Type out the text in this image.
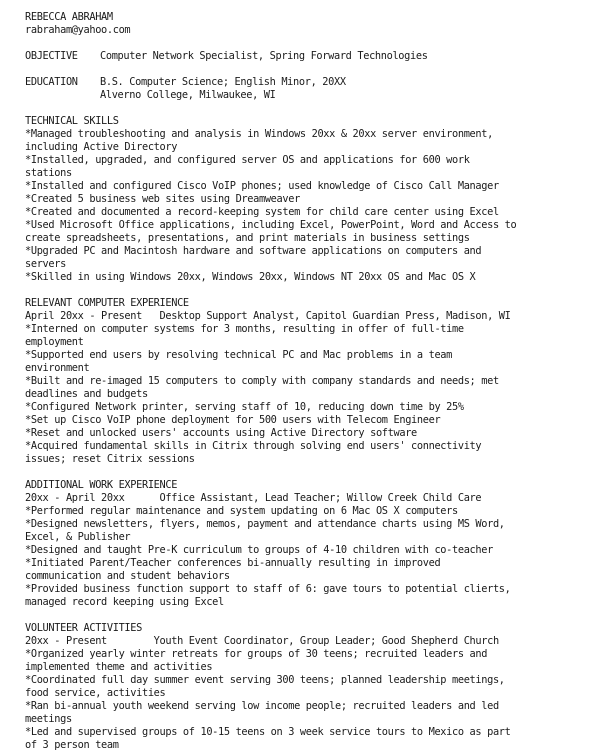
REBECCA ABRAHAM
rabraham@yahoo.com
OBJECTIVE	Computer Network Specialist, Spring Forward Technologies
EDUCATION	B.S. Computer Science; English Minor, 20XX
Alverno College, Milwaukee, WI
TECHNICAL SKILLS
*Managed troubleshooting and analysis in Windows 20xx & 20xx server environment,
including Active Directory
*Installed, upgraded, and configured server OS and applications for 600 work
stations
*Installed and configured Cisco VoIP phones; used knowledge of Cisco Call Manager
*Created 5 business web sites using Dreamweaver
*Created and documented a record-keeping system for child care center using Excel
*Used Microsoft Office applications, including Excel, PowerPoint, Word and Access to
create spreadsheets, presentations, and print materials in business settings
*Upgraded PC and Macintosh hardware and software applications on computers and
servers
*Skilled in using Windows 20xx, Windows 20xx, Windows NT 20xx OS and Mac OS X
RELEVANT COMPUTER EXPERIENCE
April 20xx - Present   Desktop Support Analyst, Capitol Guardian Press, Madison, WI
*Interned on computer systems for 3 months, resulting in offer of full-time
employment
*Supported end users by resolving technical PC and Mac problems in a team
environment
*Built and re-imaged 15 computers to comply with company standards and needs; met
deadlines and budgets
*Configured Network printer, serving staff of 10, reducing down time by 25%
*Set up Cisco VoIP phone deployment for 500 users with Telecom Engineer
*Reset and unlocked users' accounts using Active Directory software
*Acquired fundamental skills in Citrix through solving end users' connectivity
issues; reset Citrix sessions
ADDITIONAL WORK EXPERIENCE
20xx - April 20xx      Office Assistant, Lead Teacher; Willow Creek Child Care
*Performed regular maintenance and system updating on 6 Mac OS X computers
*Designed newsletters, flyers, memos, payment and attendance charts using MS Word,
Excel, & Publisher
*Designed and taught Pre-K curriculum to groups of 4-10 children with co-teacher
*Initiated Parent/Teacher conferences bi-annually resulting in improved
communication and student behaviors
*Provided business function support to staff of 6: gave tours to potential clierts,
managed record keeping using Excel
VOLUNTEER ACTIVITIES
20xx - Present        Youth Event Coordinator, Group Leader; Good Shepherd Church
*Organized yearly winter retreats for groups of 30 teens; recruited leaders and
implemented theme and activities
*Coordinated full day summer event serving 300 teens; planned leadership meetings,
food service, activities
*Ran bi-annual youth weekend serving low income people; recruited leaders and led
meetings
*Led and supervised groups of 10-15 teens on 3 week service tours to Mexico as part
of 3 person team
